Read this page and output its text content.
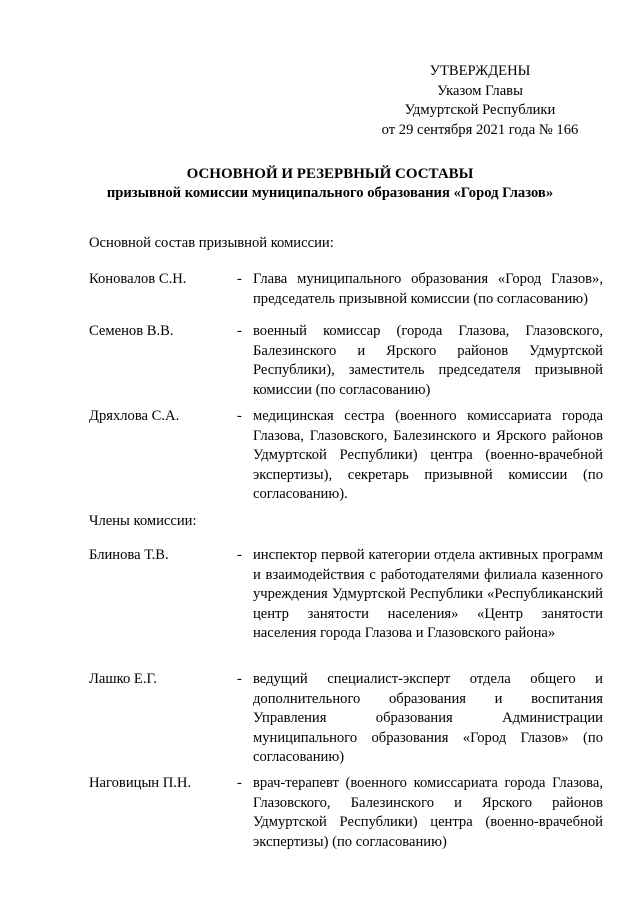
УТВЕРЖДЕНЫ
Указом Главы
Удмуртской Республики
от 29 сентября 2021 года № 166
ОСНОВНОЙ И РЕЗЕРВНЫЙ СОСТАВЫ
призывной комиссии муниципального образования «Город Глазов»
Основной состав призывной комиссии:
Коновалов С.Н.	- Глава муниципального образования «Город Глазов», председатель призывной комиссии (по согласованию)
Семенов В.В.	- военный комиссар (города Глазова, Глазовского, Балезинского и Ярского районов Удмуртской Республики), заместитель председателя призывной комиссии (по согласованию)
Дряхлова С.А.	- медицинская сестра (военного комиссариата города Глазова, Глазовского, Балезинского и Ярского районов Удмуртской Республики) центра (военно-врачебной экспертизы), секретарь призывной комиссии (по согласованию).
Члены комиссии:
Блинова Т.В.	- инспектор первой категории отдела активных программ и взаимодействия с работодателями филиала казенного учреждения Удмуртской Республики «Республиканский центр занятости населения» «Центр занятости населения города Глазова и Глазовского района»
Лашко Е.Г.	- ведущий специалист-эксперт отдела общего и дополнительного образования и воспитания Управления образования Администрации муниципального образования «Город Глазов» (по согласованию)
Наговицын П.Н.	- врач-терапевт (военного комиссариата города Глазова, Глазовского, Балезинского и Ярского районов Удмуртской Республики) центра (военно-врачебной экспертизы) (по согласованию)
